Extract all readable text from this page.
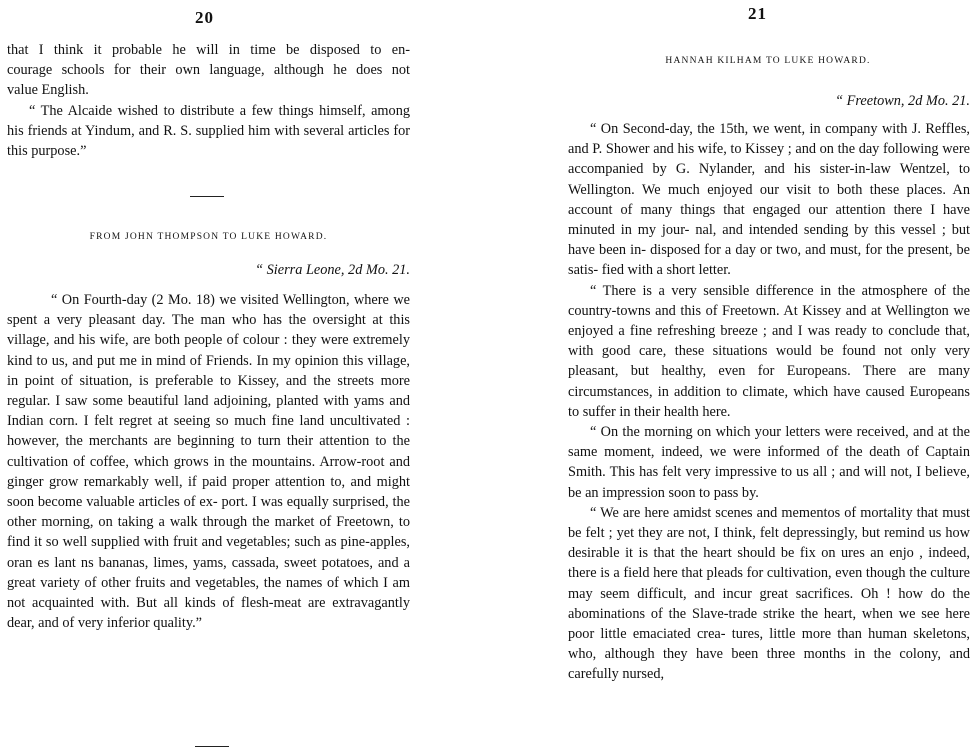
20

that I think it probable he will in time be disposed to en-

courage schools for their own language, although he does not

value English.

“ The Alcaide wished to distribute a few things himself, among his friends at Yindum, and R. S. supplied him with several articles for this purpose.”

FROM JOHN THOMPSON TO LUKE HOWARD.
“ Sierra Leone, 2d Mo. 21.

“ On Fourth-day (2 Mo. 18) we visited Wellington, where we spent a very pleasant day. The man who has the oversight at this village, and his wife, are both people of colour : they were extremely kind to us, and put me in mind of Friends. In my opinion this village, in point of situation, is preferable to Kissey, and the streets more regular. I saw some beautiful land adjoining, planted with yams and Indian corn. I felt regret at seeing so much fine land uncultivated : however, the merchants are beginning to turn their attention to the cultivation of coffee, which grows in the mountains. Arrow-root and ginger grow remarkably well, if paid proper attention to, and might soon become valuable articles of ex- port. I was equally surprised, the other morning, on taking a walk through the market of Freetown, to find it so well supplied with fruit and vegetables; such as pine-apples, oran es lant ns bananas, limes, yams, cassada, sweet potatoes, and a great variety of other fruits and vegetables, the names of which I am not acquainted with. But all kinds of flesh-meat are extravagantly dear, and of very inferior quality.”

21
HANNAH KILHAM TO LUKE HOWARD.
“ Freetown, 2d Mo. 21.

“ On Second-day, the 15th, we went, in company with J. Reffles, and P. Shower and his wife, to Kissey ; and on the day following were accompanied by G. Nylander, and his sister-in-law Wentzel, to Wellington. We much enjoyed our visit to both these places. An account of many things that engaged our attention there I have minuted in my jour- nal, and intended sending by this vessel ; but have been in- disposed for a day or two, and must, for the present, be satis- fied with a short letter.

“ There is a very sensible difference in the atmosphere of the country-towns and this of Freetown. At Kissey and at Wellington we enjoyed a fine refreshing breeze ; and I was ready to conclude that, with good care, these situations would be found not only very pleasant, but healthy, even for Europeans. There are many circumstances, in addition to climate, which have caused Europeans to suffer in their health here.

“ On the morning on which your letters were received, and at the same moment, indeed, we were informed of the death of Captain Smith. This has felt very impressive to us all ; and will not, I believe, be an impression soon to pass by.

“ We are here amidst scenes and mementos of mortality that must be felt ; yet they are not, I think, felt depressingly, but remind us how desirable it is that the heart should be fix on ures an enjo , indeed, there is a field here that pleads for cultivation, even though the culture may seem difficult, and incur great sacrifices. Oh ! how do the abominations of the Slave-trade strike the heart, when we see here poor little emaciated crea- tures, little more than human skeletons, who, although they have been three months in the colony, and carefully nursed,
